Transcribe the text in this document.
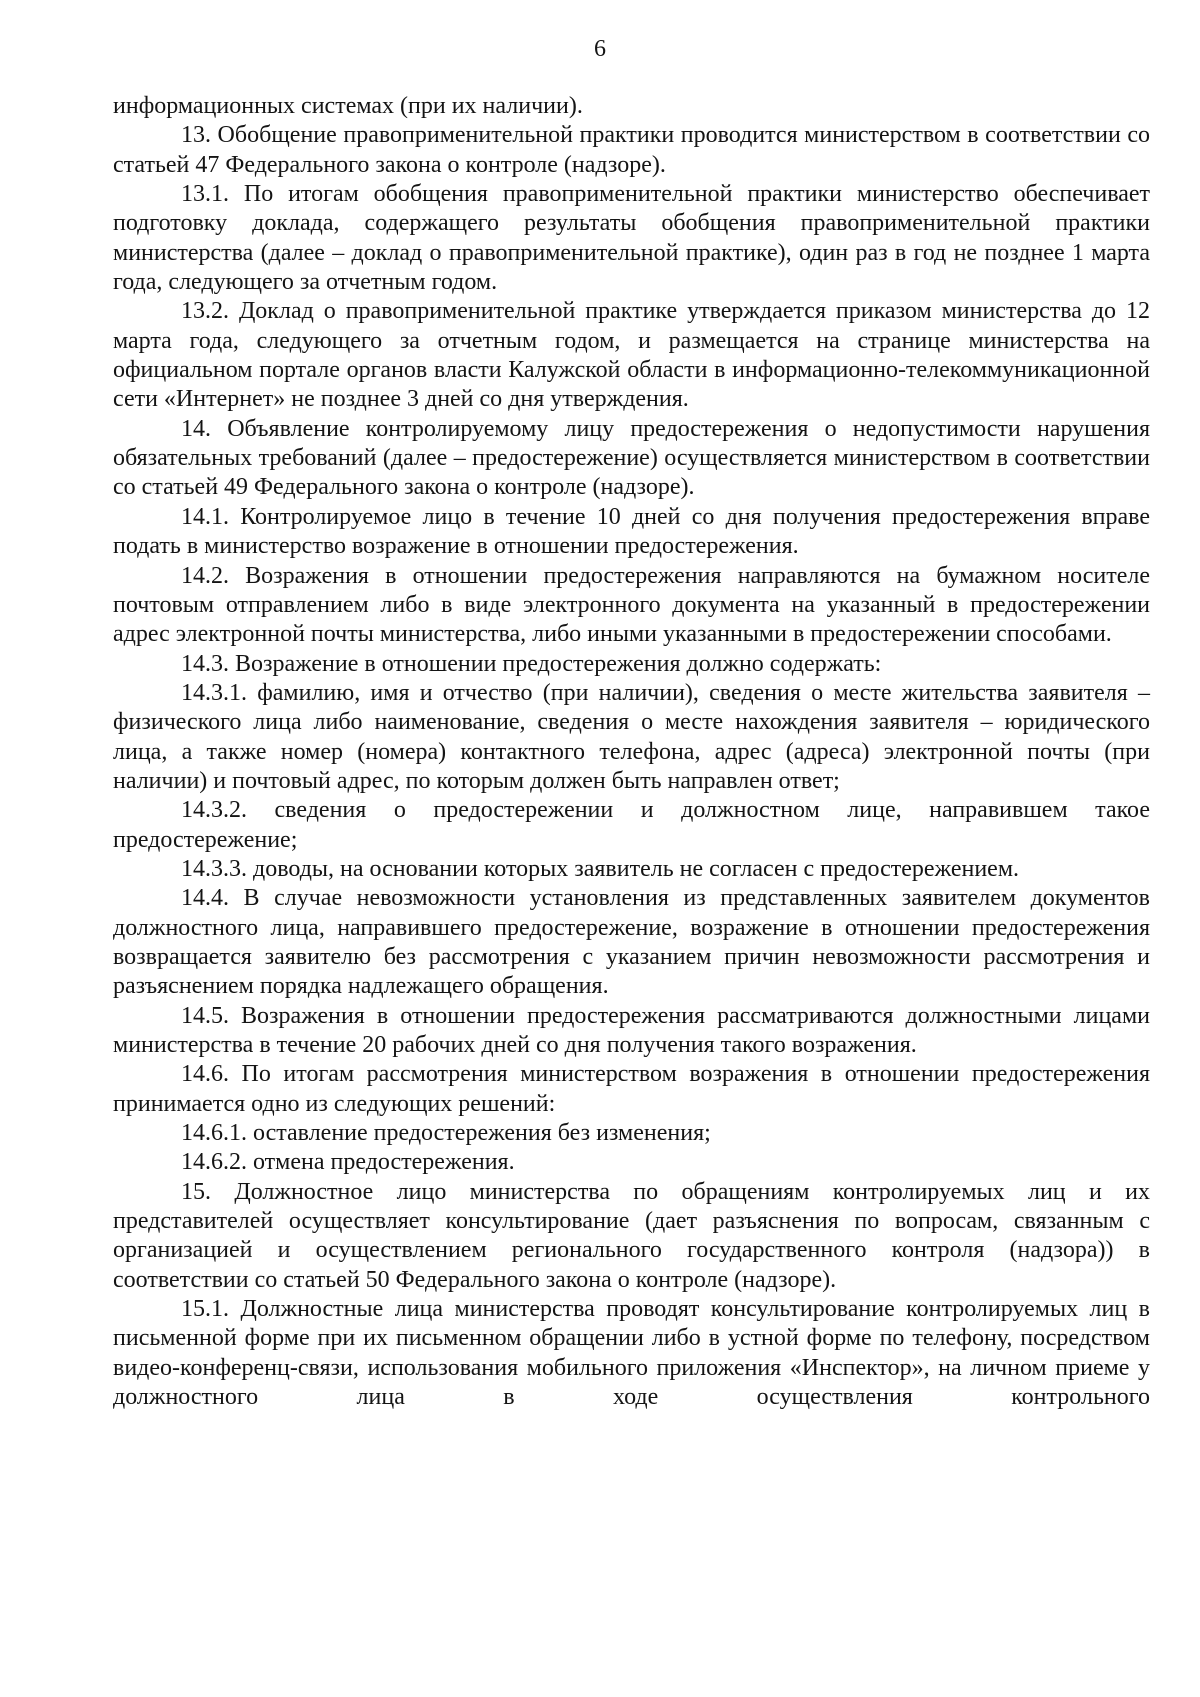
6

информационных системах (при их наличии).

13. Обобщение правоприменительной практики проводится министерством в соответствии со статьей 47 Федерального закона о контроле (надзоре).

13.1. По итогам обобщения правоприменительной практики министерство обеспечивает подготовку доклада, содержащего результаты обобщения правоприменительной практики министерства (далее – доклад о правоприменительной практике), один раз в год не позднее 1 марта года, следующего за отчетным годом.

13.2. Доклад о правоприменительной практике утверждается приказом министерства до 12 марта года, следующего за отчетным годом, и размещается на странице министерства на официальном портале органов власти Калужской области в информационно-телекоммуникационной сети «Интернет» не позднее 3 дней со дня утверждения.

14. Объявление контролируемому лицу предостережения о недопустимости нарушения обязательных требований (далее – предостережение) осуществляется министерством в соответствии со статьей 49 Федерального закона о контроле (надзоре).

14.1. Контролируемое лицо в течение 10 дней со дня получения предостережения вправе подать в министерство возражение в отношении предостережения.

14.2. Возражения в отношении предостережения направляются на бумажном носителе почтовым отправлением либо в виде электронного документа на указанный в предостережении адрес электронной почты министерства, либо иными указанными в предостережении способами.

14.3. Возражение в отношении предостережения должно содержать:

14.3.1. фамилию, имя и отчество (при наличии), сведения о месте жительства заявителя – физического лица либо наименование, сведения о месте нахождения заявителя – юридического лица, а также номер (номера) контактного телефона, адрес (адреса) электронной почты (при наличии) и почтовый адрес, по которым должен быть направлен ответ;

14.3.2. сведения о предостережении и должностном лице, направившем такое предостережение;

14.3.3. доводы, на основании которых заявитель не согласен с предостережением.

14.4. В случае невозможности установления из представленных заявителем документов должностного лица, направившего предостережение, возражение в отношении предостережения возвращается заявителю без рассмотрения с указанием причин невозможности рассмотрения и разъяснением порядка надлежащего обращения.

14.5. Возражения в отношении предостережения рассматриваются должностными лицами министерства в течение 20 рабочих дней со дня получения такого возражения.

14.6. По итогам рассмотрения министерством возражения в отношении предостережения принимается одно из следующих решений:

14.6.1. оставление предостережения без изменения;

14.6.2. отмена предостережения.

15. Должностное лицо министерства по обращениям контролируемых лиц и их представителей осуществляет консультирование (дает разъяснения по вопросам, связанным с организацией и осуществлением регионального государственного контроля (надзора)) в соответствии со статьей 50 Федерального закона о контроле (надзоре).

15.1. Должностные лица министерства проводят консультирование контролируемых лиц в письменной форме при их письменном обращении либо в устной форме по телефону, посредством видео-конференц-связи, использования мобильного приложения «Инспектор», на личном приеме у должностного лица в ходе осуществления контрольного
